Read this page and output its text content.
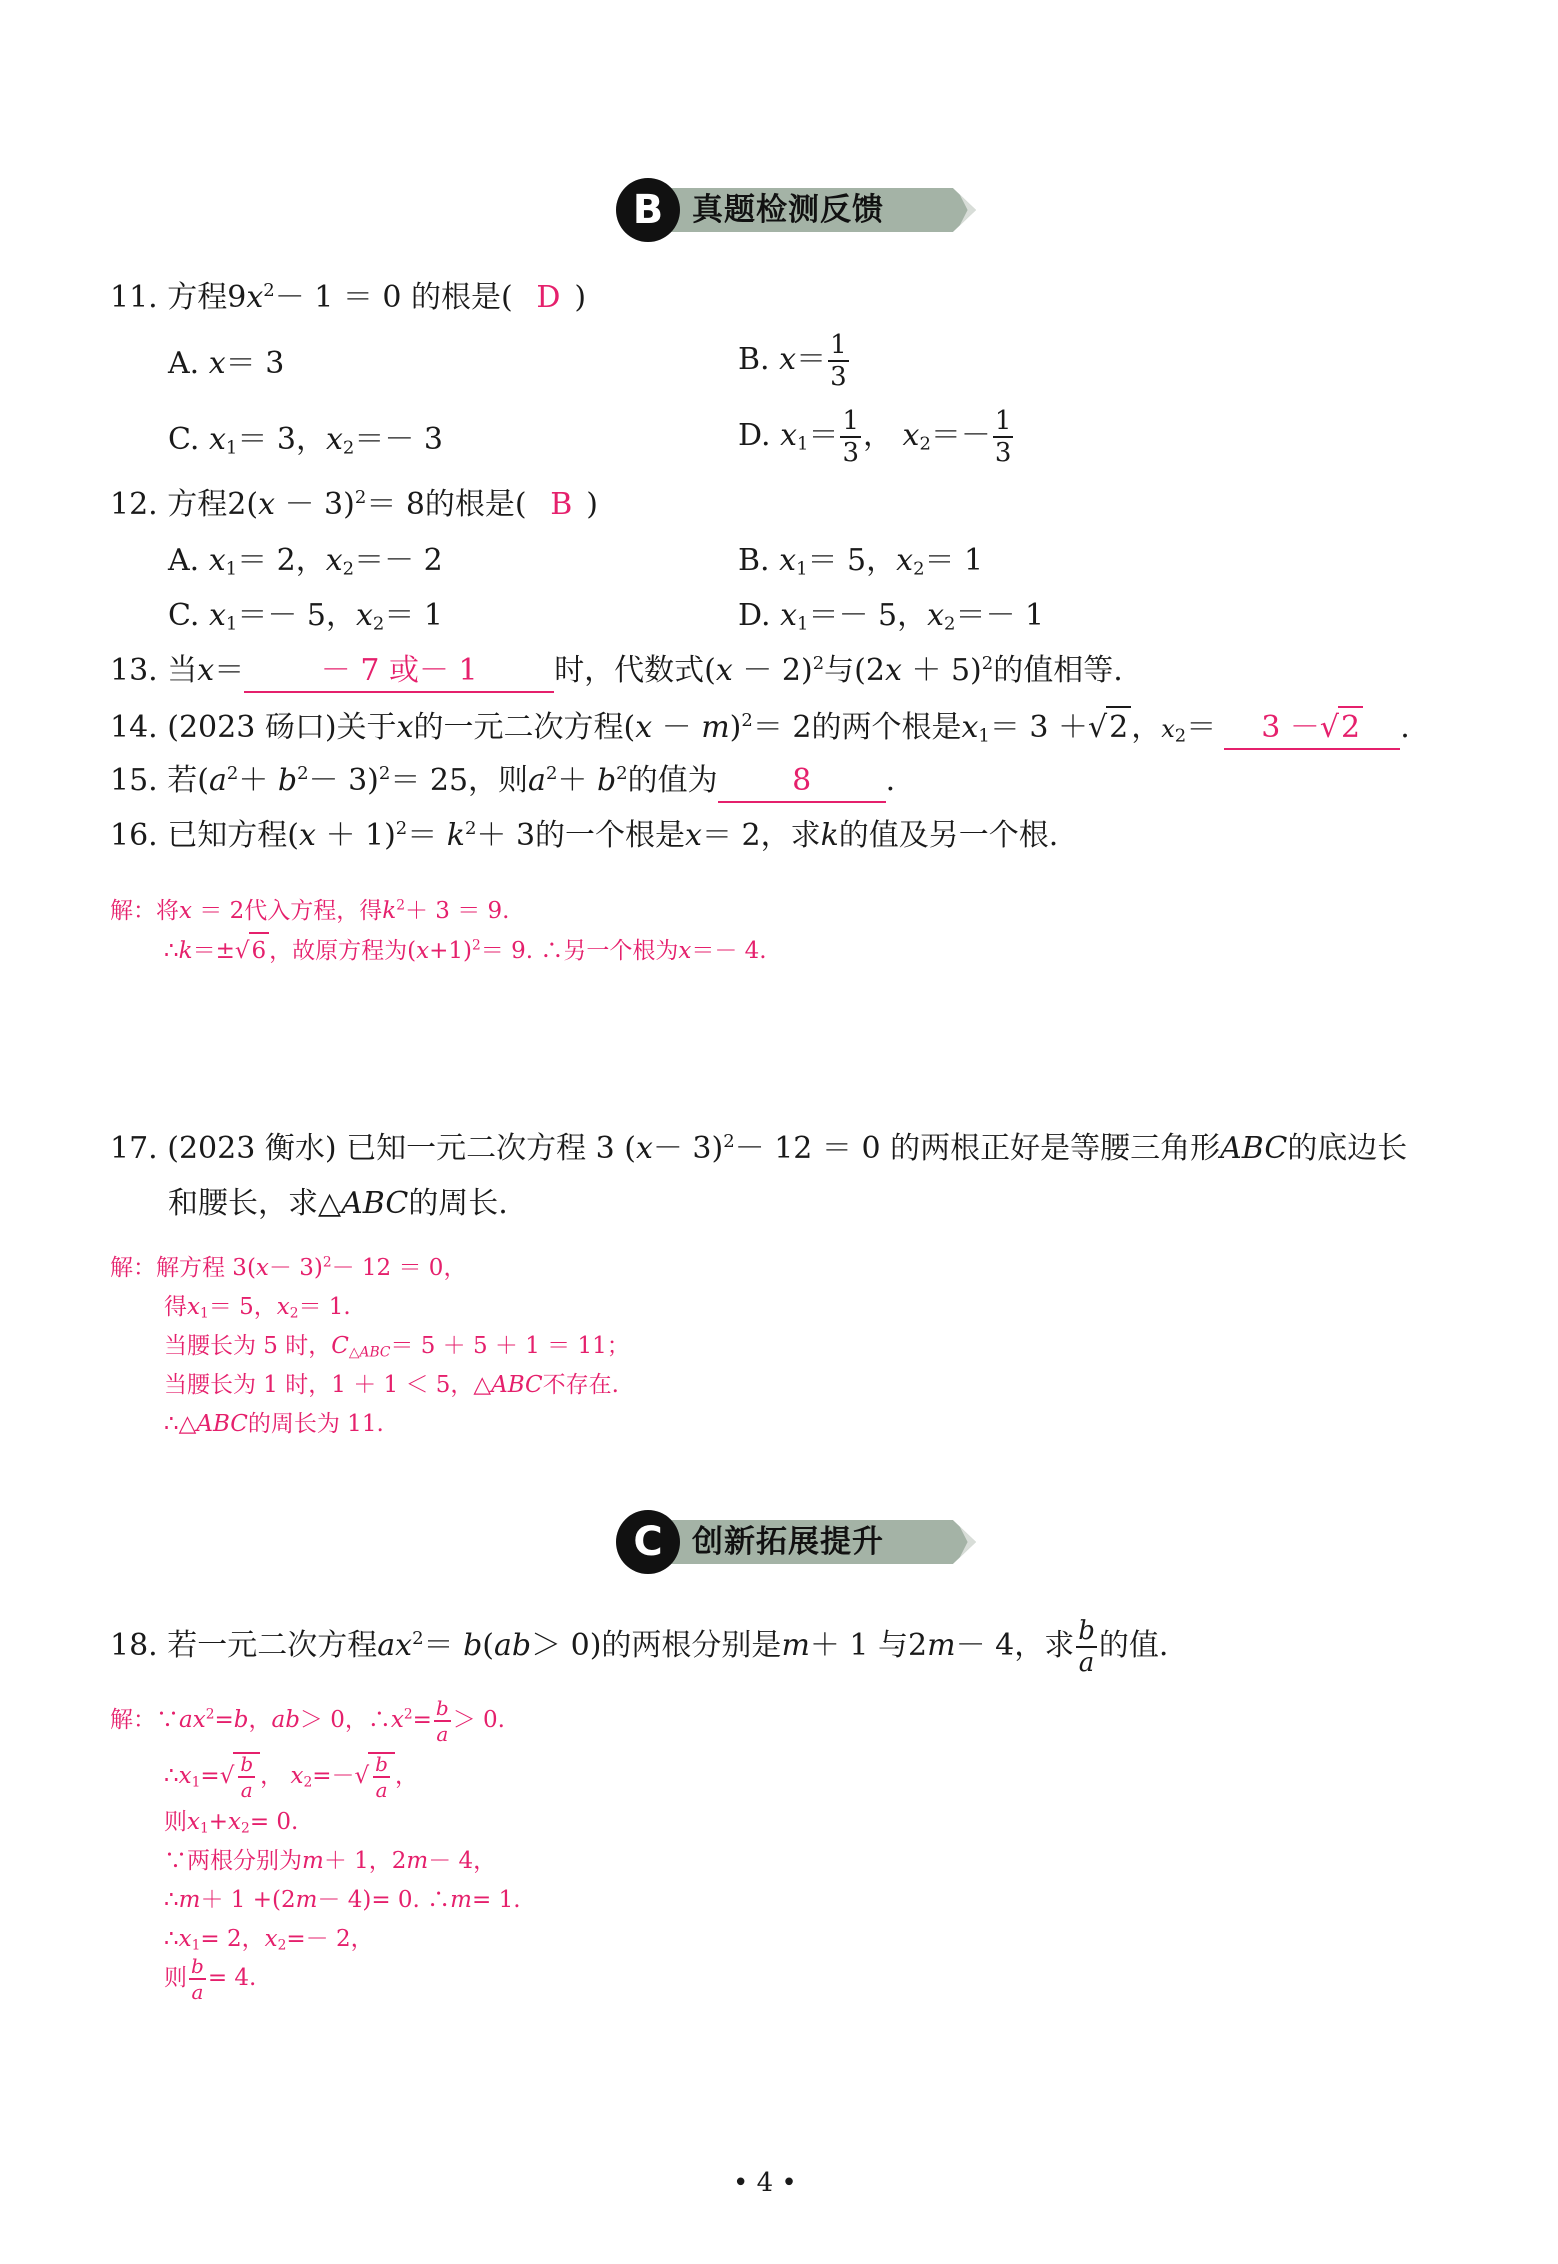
B 真题检测反馈
11. 方程$9x^2- 1 = 0$ 的根是( D )
A. x＝ 3	B. $x= \frac{1}{3}$
C. $x_1= 3$，$x_2=- 3$	D. $x_1= \frac{1}{3}$ ， $x_2=- \frac{1}{3}$
12. 方程$2(x - 3)^2= 8$的根是( B )
A. $x_1= 2$，$x_2=- 2$	B. $x_1= 5$，$x_2= 1$
C. $x_1=- 5$，$x_2= 1$	D. $x_1=- 5$，$x_2=- 1$
13. 当x＝	－ 7 或－ 1	时，代数式$(x - 2)^2$与$(2x + 5)^2$的值相等.
14. (2023 砀口)关于x的一元二次方程$(x - m)^2= 2$的两个根是$x_1= 3 +√2$ ，$x_2= 3 -√2$ .
15. 若$(a^2+ b^2- 3)^2= 25$，则$a^2+ b^2$的值为 8 .
16. 已知方程$(x + 1)^2= k^2+ 3$的一个根是x＝ 2，求k的值及另一个根.
解：将x ＝ 2代入方程，得$k^2+ 3 = 9$.
∴k＝±√6 ，故原方程为$(x+1)^2= 9$. ∴另一个根为x＝－ 4.
17. (2023 衡水) 已知一元二次方程 3 $(x- 3)^2- 12 = 0$ 的两根正好是等腰三角形ABC的底边长
和腰长，求△ABC的周长.
解：解方程 $3(x- 3)^2- 12 = 0$，
得$x_1= 5$，$x_2= 1$.
当腰长为 5 时，$C_{\triangle ABC}= 5 + 5 + 1 = 11$；
当腰长为 1 时，1 ＋ 1 ＜ 5，△ABC不存在.
∴△ABC的周长为 11.
C 创新拓展提升
18. 若一元二次方程$ax^2= b(ab> 0)$的两根分别是m＋ 1 与2m－ 4，求 $\frac{b}{a}$ 的值.
解：$\because ax^2=b$，ab＞ 0，$\therefore x^2= \frac{b}{a} > 0$.
$\therefore x_1=√ \frac{b}{a}$ ， $x_2=-√ \frac{b}{a}$ ，
则$x_1+x_2= 0$.
∵两根分别为m＋ 1，2m－ 4，
∴m＋ 1 +(2m－ 4)= 0. ∴m= 1.
$\therefore x_1= 2$，$x_2=- 2$，
则 $\frac{b}{a} = 4$.
• 4 •
